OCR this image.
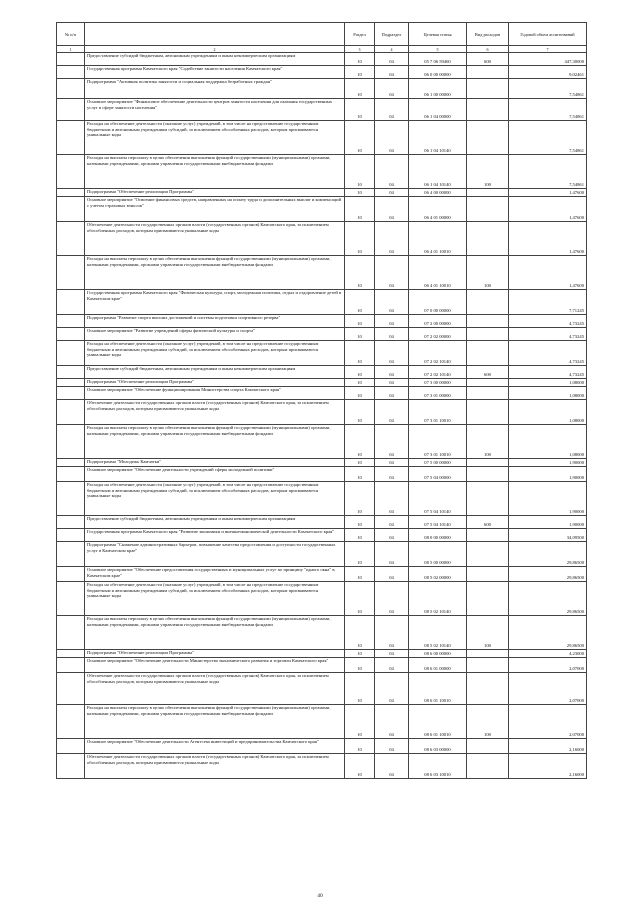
№ п/п		Раздел	Подраздел	Целевая статья	Вид расходов	Годовой объем ассигнований
1	2	3	4	5	6	7
	Предоставление субсидий бюджетным, автономным учреждениям и иным некоммерческим организациям	10	04	05 7 06 59460	600	447,30000
	Государственная программа Камчатского края "Содействие занятости населения Камчатского края"	10	04	06 0 00 00000		9,02461
	Подпрограмма "Активная политика занятости и социальная поддержка безработных граждан"	10	04	06 1 00 00000		7,54861
	Основное мероприятие "Финансовое обеспечение деятельности центров занятости населения для оказания государственных услуг в сфере занятости населения"	10	04	06 1 04 00000		7,54861
	Расходы на обеспечение деятельности (оказание услуг) учреждений, в том числе на предоставление государственным бюджетным и автономным учреждениям субсидий, за исключением обособленных расходов, которым присваиваются уникальные коды	10	04	06 1 04 10140		7,54861
	Расходы на выплаты персоналу в целях обеспечения выполнения функций государственными (муниципальными) органами, казенными учреждениями, органами управления государственными внебюджетными фондами	10	04	06 1 04 10140	100	7,54861
	Подпрограмма "Обеспечение реализации Программы"	10	04	06 4 00 00000		1,47600
	Основное мероприятие "Освоение финансовых средств, направленных на оплату труда и дополнительных выплат и компенсаций с учетом страховых взносов"	10	04	06 4 01 00000		1,47600
	Обеспечение деятельности государственных органов власти (государственных органов) Камчатского края, за исключением обособленных расходов, которым присваиваются уникальные коды	10	04	06 4 01 10010		1,47600
	Расходы на выплаты персоналу в целях обеспечения выполнения функций государственными (муниципальными) органами, казенными учреждениями, органами управления государственными внебюджетными фондами	10	04	06 4 01 10010	100	1,47600
	Государственная программа Камчатского края "Физическая культура, спорт, молодежная политика, отдых и оздоровление детей в Камчатском крае"	10	04	07 0 00 00000		7,71245
	Подпрограмма "Развитие спорта высших достижений и системы подготовки спортивного резерва"	10	04	07 2 00 00000		4,73245
	Основное мероприятие "Развитие учреждений сферы физической культуры и спорта"	10	04	07 2 02 00000		4,73245
	Расходы на обеспечение деятельности (оказание услуг) учреждений, в том числе на предоставление государственным бюджетным и автономным учреждениям субсидий, за исключением обособленных расходов, которым присваиваются уникальные коды	10	04	07 2 02 10140		4,73245
	Предоставление субсидий бюджетным, автономным учреждениям и иным некоммерческим организациям	10	04	07 2 02 10140	600	4,73245
	Подпрограмма "Обеспечение реализации Программы"	10	04	07 3 00 00000		1,08000
	Основное мероприятие "Обеспечение функционирования Министерства спорта Камчатского края"	10	04	07 3 01 00000		1,08000
	Обеспечение деятельности государственных органов власти (государственных органов) Камчатского края, за исключением обособленных расходов, которым присваиваются уникальные коды	10	04	07 3 01 10010		1,08000
	Расходы на выплаты персоналу в целях обеспечения выполнения функций государственными (муниципальными) органами, казенными учреждениями, органами управления государственными внебюджетными фондами	10	04	07 3 01 10010	100	1,08000
	Подпрограмма "Молодежь Камчатки"	10	04	07 5 00 00000		1,90000
	Основное мероприятие "Обеспечение деятельности учреждений сферы молодежной политики"	10	04	07 5 04 00000		1,90000
	Расходы на обеспечение деятельности (оказание услуг) учреждений, в том числе на предоставление государственным бюджетным и автономным учреждениям субсидий, за исключением обособленных расходов, которым присваиваются уникальные коды	10	04	07 5 04 10140		1,90000
	Предоставление субсидий бюджетным, автономным учреждениям и иным некоммерческим организациям	10	04	07 5 04 10140	600	1,90000
	Государственная программа Камчатского края "Развитие экономики и внешнеэкономической деятельности Камчатского края"	10	04	08 0 00 00000		34,09500
	Подпрограмма "Снижение административных барьеров, повышение качества предоставления и доступности государственных услуг в Камчатском крае"	10	04	08 5 00 00000		29,86500
	Основное мероприятие "Обеспечение предоставления государственных и муниципальных услуг по принципу "одного окна" в Камчатском крае"	10	04	08 5 02 00000		29,86500
	Расходы на обеспечение деятельности (оказание услуг) учреждений, в том числе на предоставление государственным бюджетным и автономным учреждениям субсидий, за исключением обособленных расходов, которым присваиваются уникальные коды	10	04	08 5 02 10140		29,86500
	Расходы на выплаты персоналу в целях обеспечения выполнения функций государственными (муниципальными) органами, казенными учреждениями, органами управления государственными внебюджетными фондами	10	04	08 5 02 10140	100	29,86500
	Подпрограмма "Обеспечение реализации Программы"	10	04	08 6 00 00000		4,23000
	Основное мероприятие "Обеспечение деятельности Министерства экономического развития и торговли Камчатского края"	10	04	08 6 01 00000		2,07000
	Обеспечение деятельности государственных органов власти (государственных органов) Камчатского края, за исключением обособленных расходов, которым присваиваются уникальные коды	10	04	08 6 01 10010		2,07000
	Расходы на выплаты персоналу в целях обеспечения выполнения функций государственными (муниципальными) органами, казенными учреждениями, органами управления государственными внебюджетными фондами	10	04	08 6 01 10010	100	2,07000
	Основное мероприятие "Обеспечение деятельности Агентства инвестиций и предпринимательства Камчатского края"	10	04	08 6 03 00000		2,16000
	Обеспечение деятельности государственных органов власти (государственных органов) Камчатского края, за исключением обособленных расходов, которым присваиваются уникальные коды	10	04	08 6 03 10010		2,16000
40
